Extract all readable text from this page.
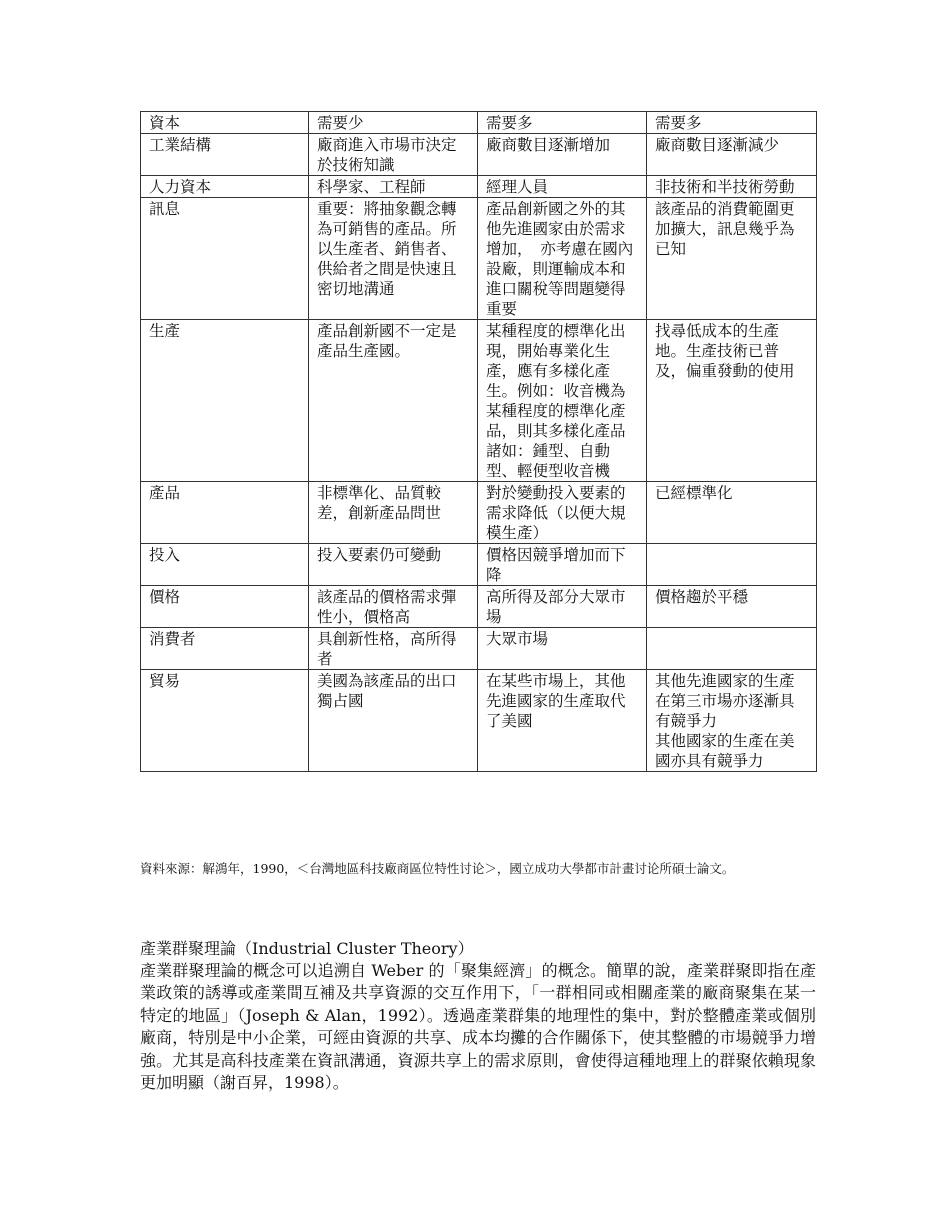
資本	需要少	需要多	需要多
工業結構	廠商進入市場市決定於技術知識	廠商數目逐漸增加	廠商數目逐漸減少
人力資本	科學家、工程師	經理人員	非技術和半技術勞動
訊息	重要：將抽象觀念轉為可銷售的產品。所以生產者、銷售者、供給者之間是快速且密切地溝通	產品創新國之外的其他先進國家由於需求增加，　亦考慮在國內設廠，則運輸成本和進口關稅等問題變得重要	該產品的消費範圍更加擴大，訊息幾乎為已知
生產	產品創新國不一定是產品生產國。	某種程度的標準化出現，開始專業化生產，應有多樣化產生。例如：收音機為某種程度的標準化產品，則其多樣化產品諸如：鍾型、自動型、輕便型收音機	找尋低成本的生產地。生產技術已普及，偏重發動的使用
產品	非標準化、品質較差，創新產品問世	對於變動投入要素的需求降低（以便大規模生產）	已經標準化
投入	投入要素仍可變動	價格因競爭增加而下降	
價格	該產品的價格需求彈性小，價格高	高所得及部分大眾市場	價格趨於平穩
消費者	具創新性格，高所得者	大眾市場	
貿易	美國為該產品的出口獨占國	在某些市場上，其他先進國家的生產取代了美國	其他先進國家的生產在第三市場亦逐漸具有競爭力
其他國家的生產在美國亦具有競爭力
資料來源：解鴻年，1990，＜台灣地區科技廠商區位特性讨论＞，國立成功大學都市計畫讨论所碩士論文。
產業群聚理論（Industrial Cluster Theory）
產業群聚理論的概念可以追溯自 Weber 的「聚集經濟」的概念。簡單的說，產業群聚即指在產業政策的誘導或產業間互補及共享資源的交互作用下，「一群相同或相關產業的廠商聚集在某一特定的地區」（Joseph & Alan，1992）。透過產業群集的地理性的集中，對於整體產業或個別廠商，特別是中小企業，可經由資源的共享、成本均攤的合作關係下，使其整體的市場競爭力增強。尤其是高科技產業在資訊溝通，資源共享上的需求原則，會使得這種地理上的群聚依賴現象更加明顯（謝百昇，1998）。
